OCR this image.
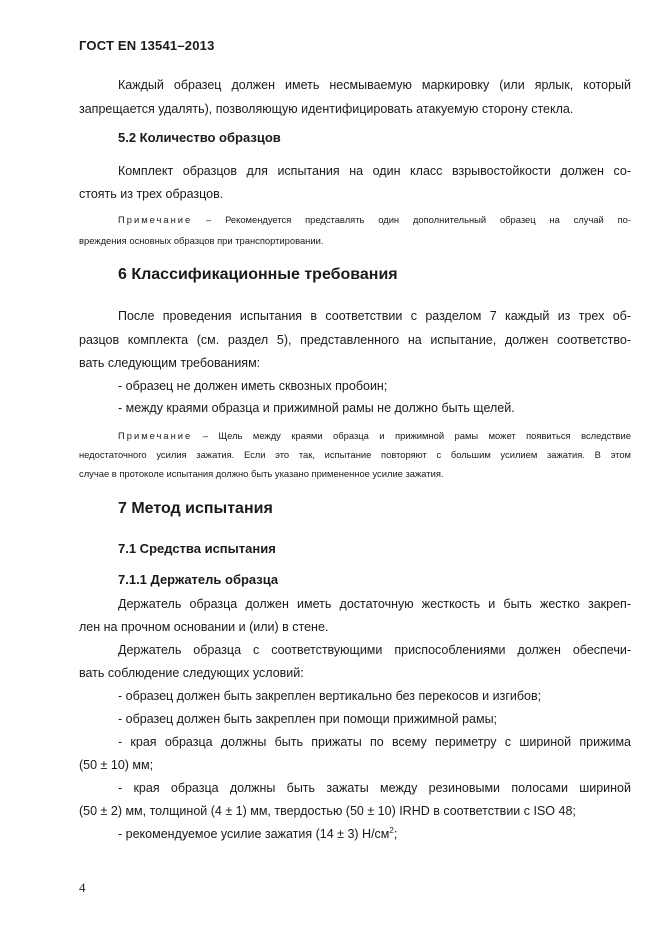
ГОСТ EN 13541–2013
Каждый образец должен иметь несмываемую маркировку (или ярлык, который
запрещается удалять), позволяющую идентифицировать атакуемую сторону стекла.
5.2 Количество образцов
Комплект образцов для испытания на один класс взрывостойкости должен со-
стоять из трех образцов.
Примечание – Рекомендуется представлять один дополнительный образец на случай по-
вреждения основных образцов при транспортировании.
6 Классификационные требования
После проведения испытания в соответствии с разделом 7 каждый из трех об-
разцов комплекта (см. раздел 5), представленного на испытание, должен соответство-
вать следующим требованиям:
- образец не должен иметь сквозных пробоин;
- между краями образца и прижимной рамы не должно быть щелей.
Примечание – Щель между краями образца и прижимной рамы может появиться вследствие
недостаточного усилия зажатия. Если это так, испытание повторяют с большим усилием зажатия. В этом
случае в протоколе испытания должно быть указано примененное усилие зажатия.
7 Метод испытания
7.1 Средства испытания
7.1.1 Держатель образца
Держатель образца должен иметь достаточную жесткость и быть жестко закреп-
лен на прочном основании и (или) в стене.
Держатель образца с соответствующими приспособлениями должен обеспечи-
вать соблюдение следующих условий:
- образец должен быть закреплен вертикально без перекосов и изгибов;
- образец должен быть закреплен при помощи прижимной рамы;
- края образца должны быть прижаты по всему периметру с шириной прижима
(50 ± 10) мм;
- края образца должны быть зажаты между резиновыми полосами шириной
(50 ± 2) мм, толщиной (4 ± 1) мм, твердостью (50 ± 10) IRHD в соответствии с ISO 48;
- рекомендуемое усилие зажатия (14 ± 3) $Н/см^2$;
4
